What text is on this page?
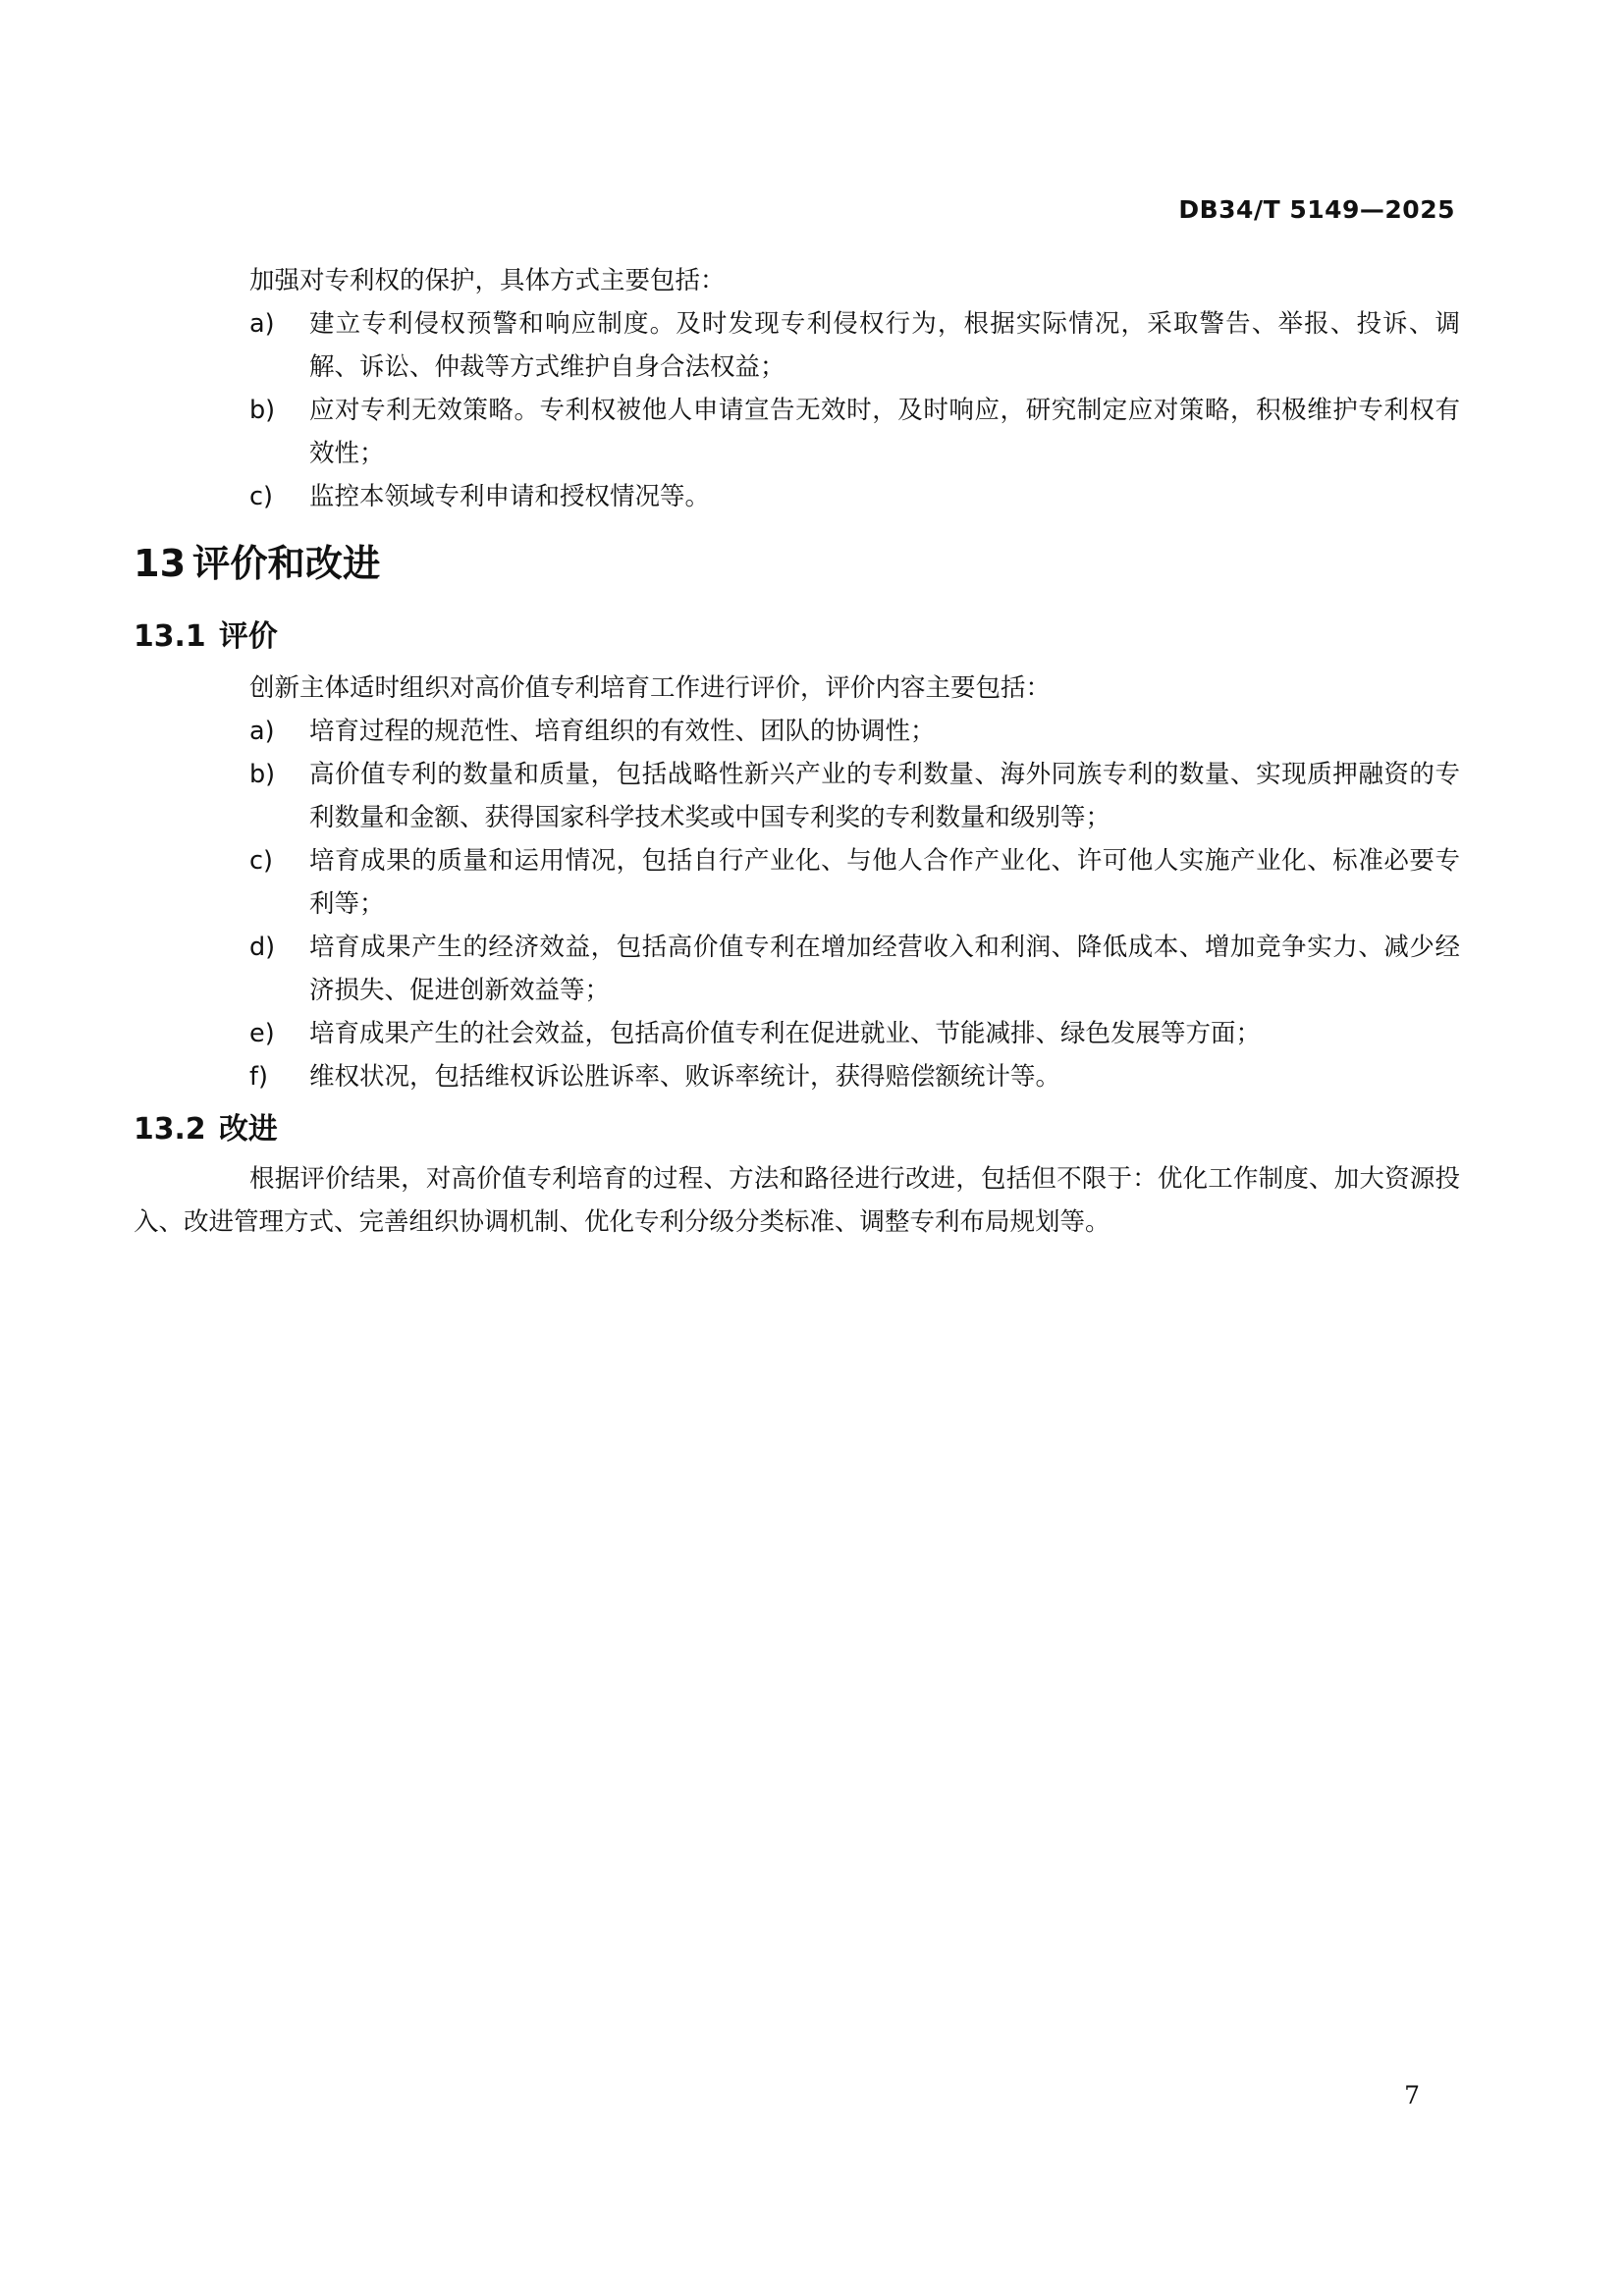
DB34/T 5149—2025

加强对专利权的保护，具体方式主要包括：

a) 建立专利侵权预警和响应制度。及时发现专利侵权行为，根据实际情况，采取警告、举报、投诉、调解、诉讼、仲裁等方式维护自身合法权益；
b) 应对专利无效策略。专利权被他人申请宣告无效时，及时响应，研究制定应对策略，积极维护专利权有效性；
c) 监控本领域专利申请和授权情况等。
13 评价和改进
13.1 评价

创新主体适时组织对高价值专利培育工作进行评价，评价内容主要包括：

a) 培育过程的规范性、培育组织的有效性、团队的协调性；
b) 高价值专利的数量和质量，包括战略性新兴产业的专利数量、海外同族专利的数量、实现质押融资的专利数量和金额、获得国家科学技术奖或中国专利奖的专利数量和级别等；
c) 培育成果的质量和运用情况，包括自行产业化、与他人合作产业化、许可他人实施产业化、标准必要专利等；
d) 培育成果产生的经济效益，包括高价值专利在增加经营收入和利润、降低成本、增加竞争实力、减少经济损失、促进创新效益等；
e) 培育成果产生的社会效益，包括高价值专利在促进就业、节能减排、绿色发展等方面；
f) 维权状况，包括维权诉讼胜诉率、败诉率统计，获得赔偿额统计等。
13.2 改进

根据评价结果，对高价值专利培育的过程、方法和路径进行改进，包括但不限于：优化工作制度、加大资源投入、改进管理方式、完善组织协调机制、优化专利分级分类标准、调整专利布局规划等。

7
